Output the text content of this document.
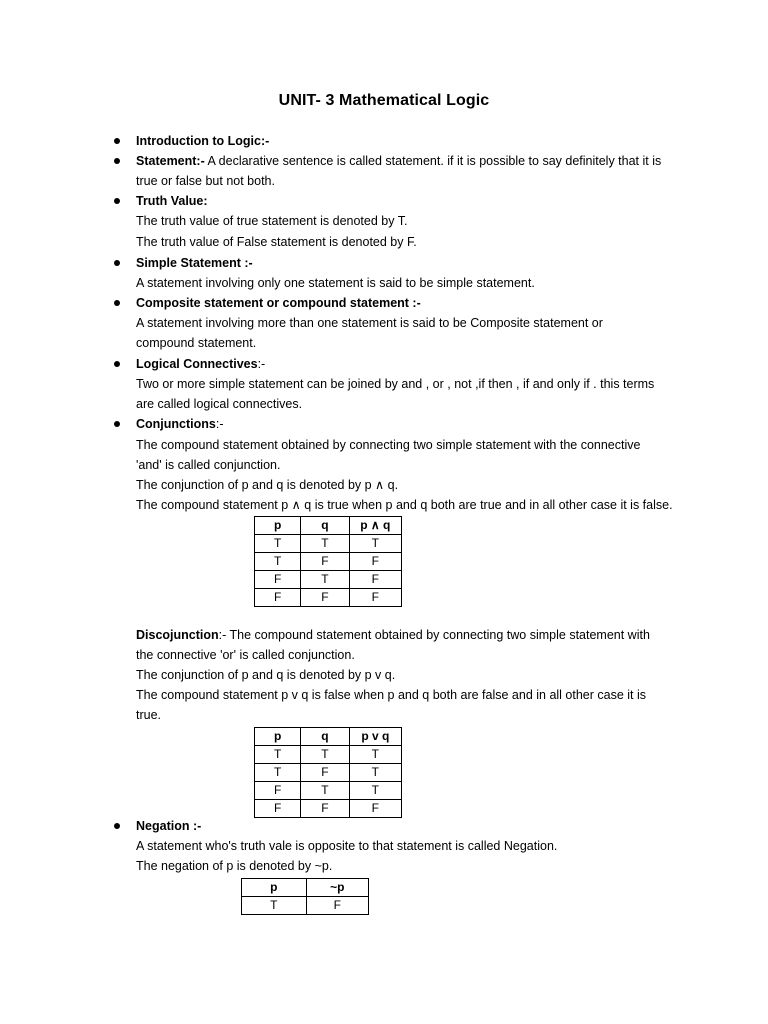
UNIT- 3 Mathematical Logic
Introduction to Logic:-
Statement:- A declarative sentence is called statement. if it is possible to say definitely that it is
true or false but not both.
Truth Value:
The truth value of true statement is denoted by T.
The truth value of False statement is denoted by F.
Simple Statement :-
A statement involving only one statement is said to be simple statement.
Composite statement or compound statement :-
A statement involving more than one statement is said to be Composite statement or
compound statement.
Logical Connectives:-
Two or more simple statement can be joined by and , or , not ,if then , if and only if . this terms
are called logical connectives.
Conjunctions:-
The compound statement obtained by connecting two simple statement with the connective
'and' is called conjunction.
The conjunction of p and q is denoted by p ∧ q.
The compound statement p ∧ q is true when p and q both are true and in all other case it is false.
p	q	p ∧ q
T	T	T
T	F	F
F	T	F
F	F	F
Discojunction:- The compound statement obtained by connecting two simple statement with
the connective 'or' is called conjunction.
The conjunction of p and q is denoted by p v q.
The compound statement p v q is false when p and q both are false and in all other case it is
true.
p	q	p v q
T	T	T
T	F	T
F	T	T
F	F	F
Negation :-
A statement who's truth vale is opposite to that statement is called Negation.
The negation of p is denoted by ~p.
p	~p
T	F
